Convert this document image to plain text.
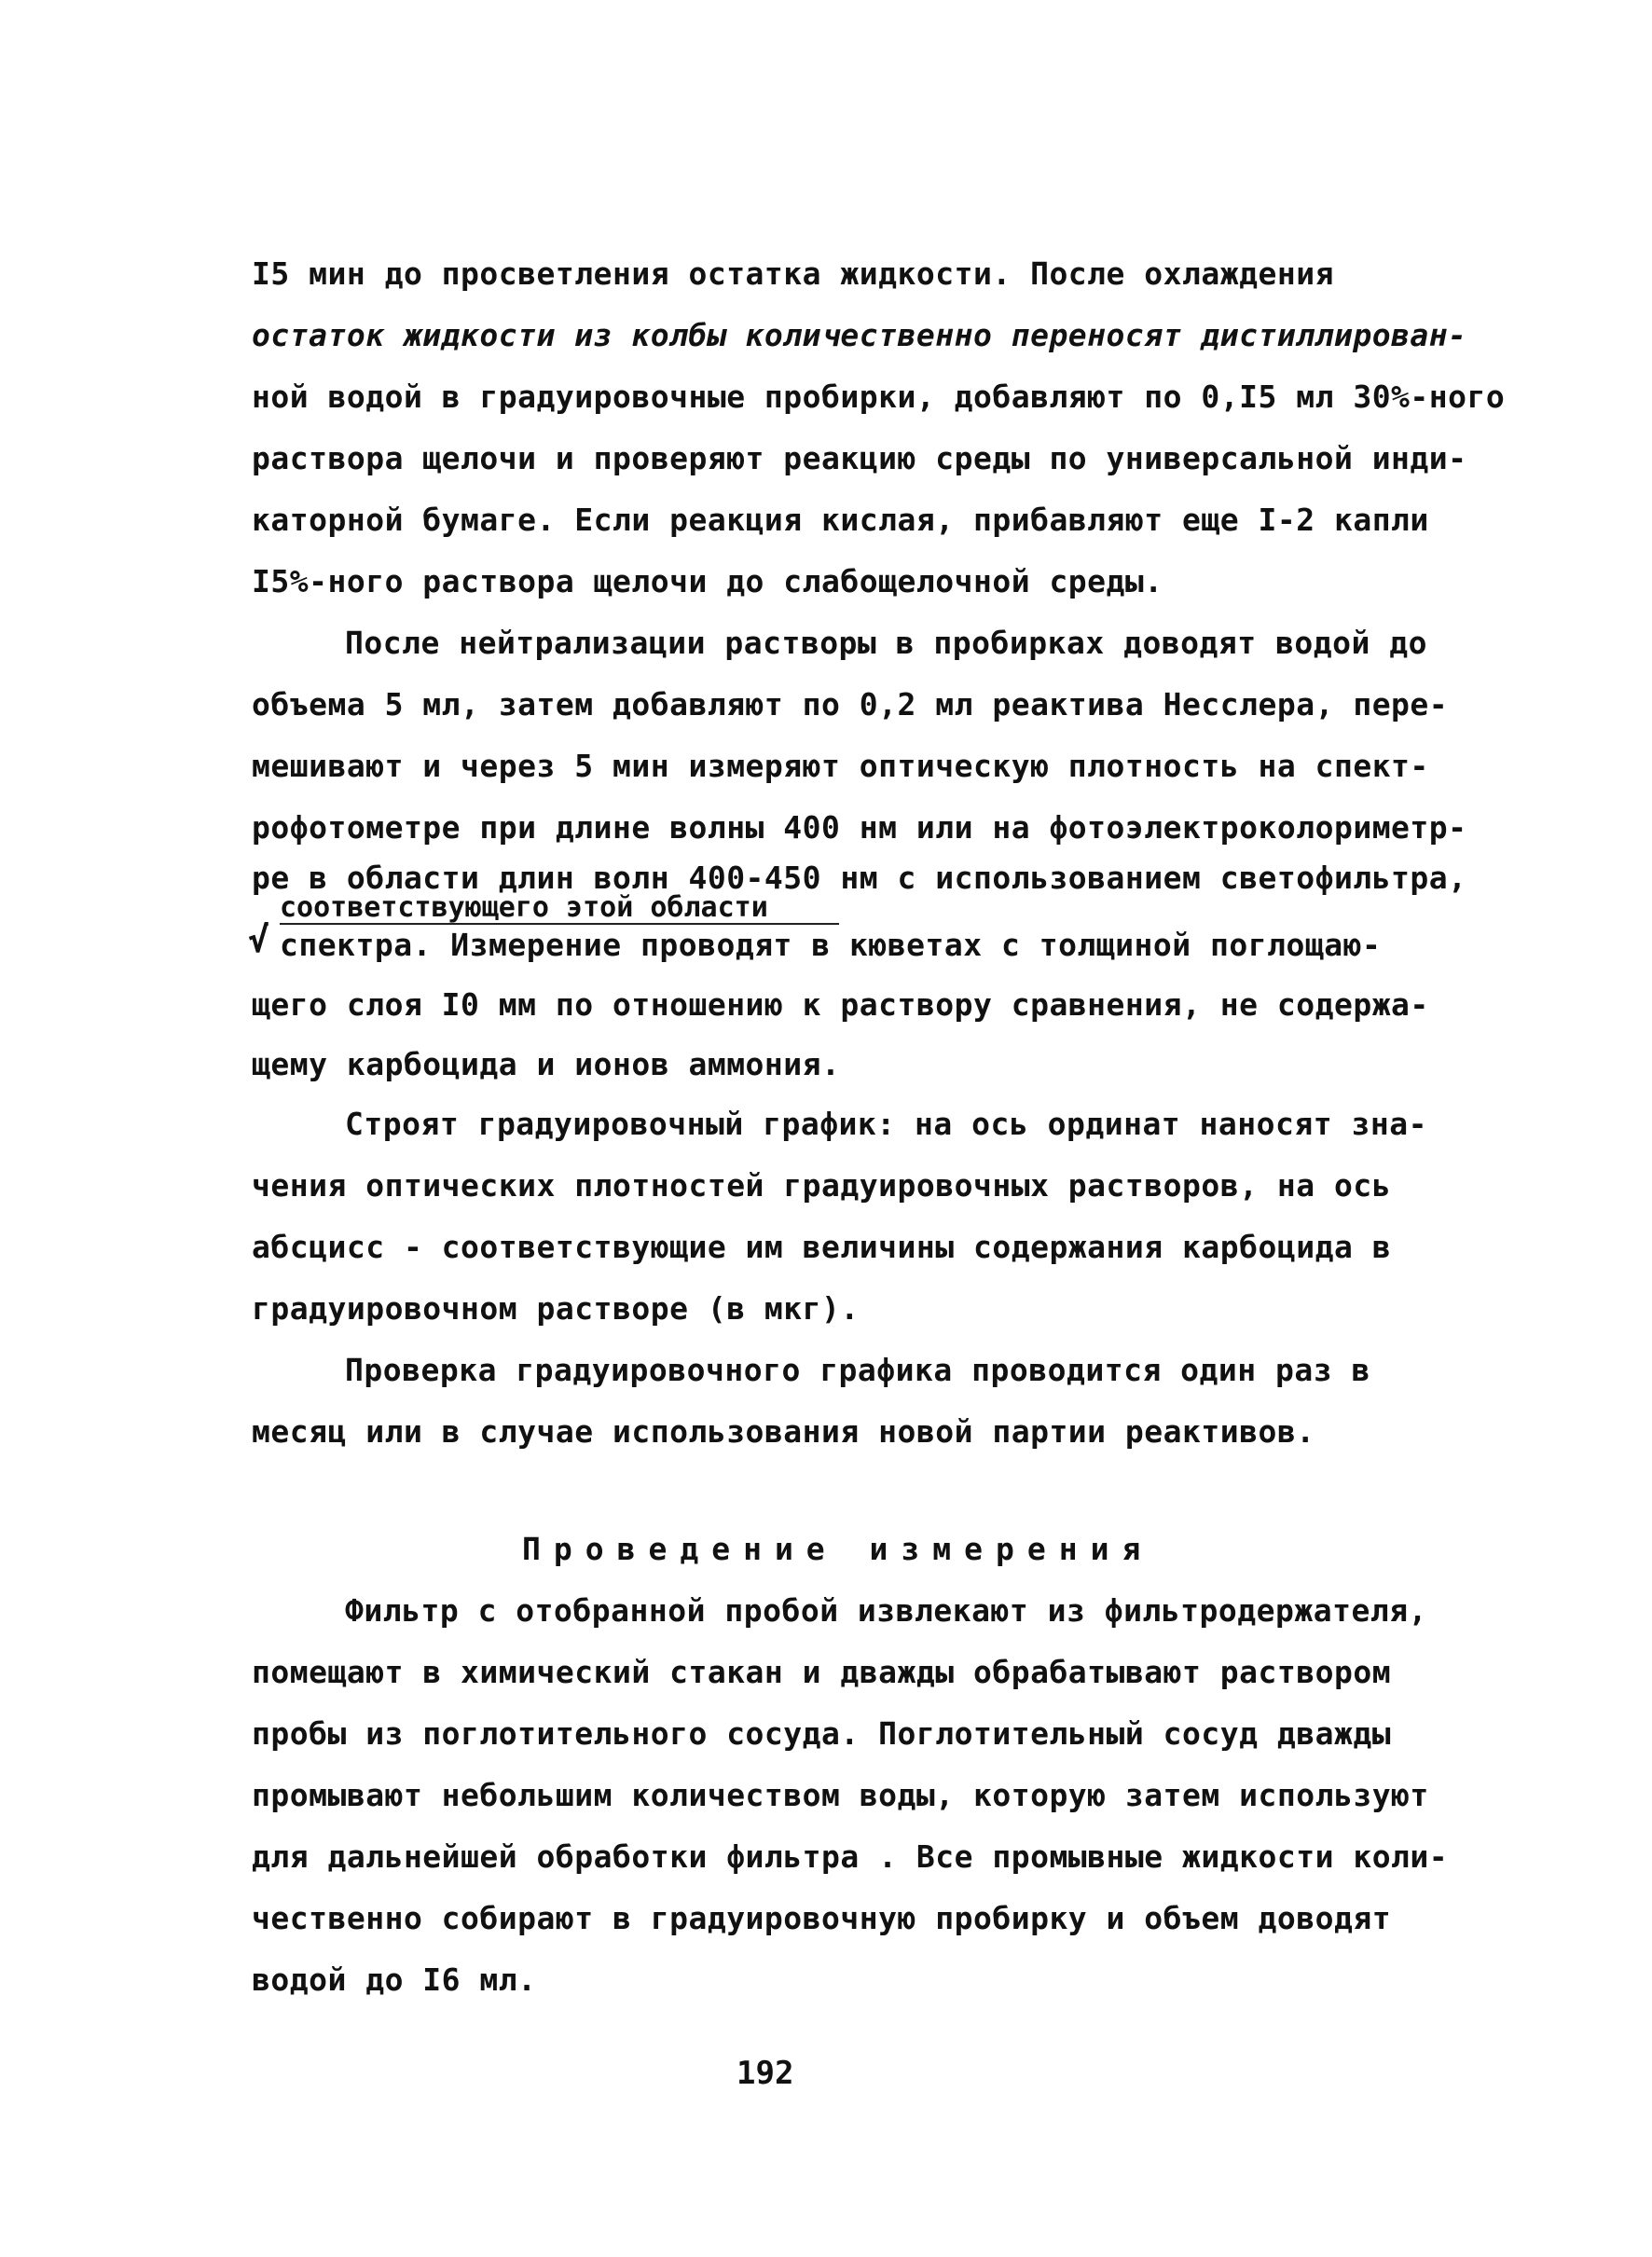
I5 мин до просветления остатка жидкости. После охлаждения
остаток жидкости из колбы количественно переносят дистиллирован-
ной водой в градуировочные пробирки, добавляют по 0,I5 мл 30%-ного
раствора щелочи и проверяют реакцию среды по универсальной инди-
каторной бумаге. Если реакция кислая, прибавляют еще I-2 капли
I5%-ного раствора щелочи до слабощелочной среды.
После нейтрализации растворы в пробирках доводят водой до
объема 5 мл, затем добавляют по 0,2 мл реактива Несслера, пере-
мешивают и через 5 мин измеряют оптическую плотность на спект-
рофотометре при длине волны 400 нм или на фотоэлектроколориметр-
ре в области длин волн 400-450 нм с использованием светофильтра,
соответствующего этой области
√ спектра. Измерение проводят в кюветах с толщиной поглощаю-
щего слоя I0 мм по отношению к раствору сравнения, не содержа-
щему карбоцида и ионов аммония.
Строят градуировочный график: на ось ординат наносят зна-
чения оптических плотностей градуировочных растворов, на ось
абсцисс - соответствующие им величины содержания карбоцида в
градуировочном растворе (в мкг).
Проверка градуировочного графика проводится один раз в
месяц или в случае использования новой партии реактивов.
Проведение измерения
Фильтр с отобранной пробой извлекают из фильтродержателя,
помещают в химический стакан и дважды обрабатывают раствором
пробы из поглотительного сосуда. Поглотительный сосуд дважды
промывают небольшим количеством воды, которую затем используют
для дальнейшей обработки фильтра . Все промывные жидкости коли-
чественно собирают в градуировочную пробирку и объем доводят
водой до I6 мл.
192
